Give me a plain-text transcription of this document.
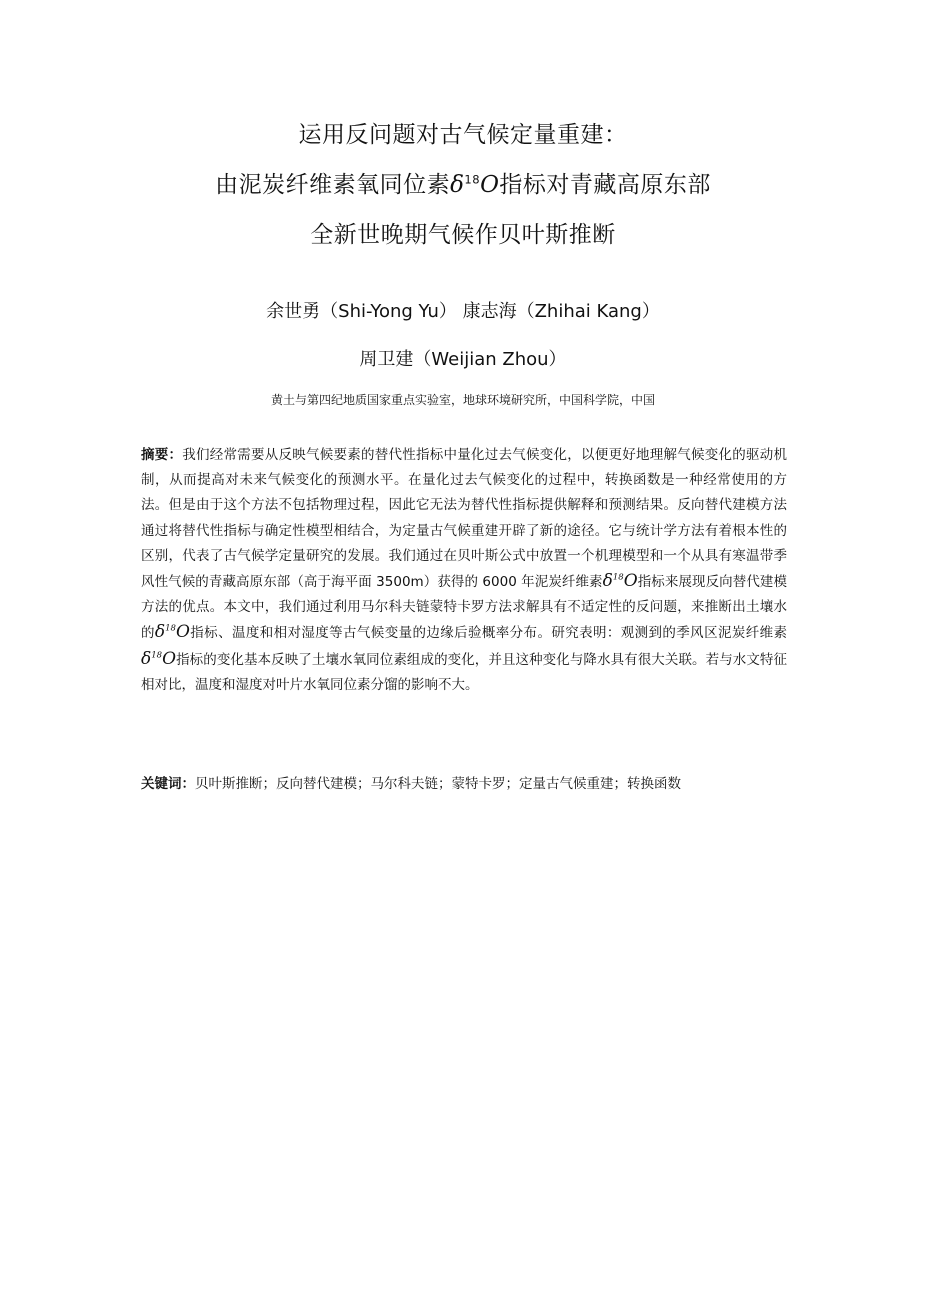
运用反问题对古气候定量重建：
由泥炭纤维素氧同位素$\delta^{18}O$指标对青藏高原东部
全新世晚期气候作贝叶斯推断
余世勇（Shi-Yong Yu） 康志海（Zhihai Kang）
周卫建（Weijian Zhou）
黄土与第四纪地质国家重点实验室，地球环境研究所，中国科学院，中国

摘要：我们经常需要从反映气候要素的替代性指标中量化过去气候变化，以便更好地理解气候变化的驱动机制，从而提高对未来气候变化的预测水平。在量化过去气候变化的过程中，转换函数是一种经常使用的方法。但是由于这个方法不包括物理过程，因此它无法为替代性指标提供解释和预测结果。反向替代建模方法通过将替代性指标与确定性模型相结合，为定量古气候重建开辟了新的途径。它与统计学方法有着根本性的区别，代表了古气候学定量研究的发展。我们通过在贝叶斯公式中放置一个机理模型和一个从具有寒温带季风性气候的青藏高原东部（高于海平面 3500m）获得的 6000 年泥炭纤维素$\delta^{18}O$指标来展现反向替代建模方法的优点。本文中，我们通过利用马尔科夫链蒙特卡罗方法求解具有不适定性的反问题，来推断出土壤水的$\delta^{18}O$指标、温度和相对湿度等古气候变量的边缘后验概率分布。研究表明：观测到的季风区泥炭纤维素$\delta^{18}O$指标的变化基本反映了土壤水氧同位素组成的变化，并且这种变化与降水具有很大关联。若与水文特征相对比，温度和湿度对叶片水氧同位素分馏的影响不大。

关键词：贝叶斯推断；反向替代建模；马尔科夫链；蒙特卡罗；定量古气候重建；转换函数
